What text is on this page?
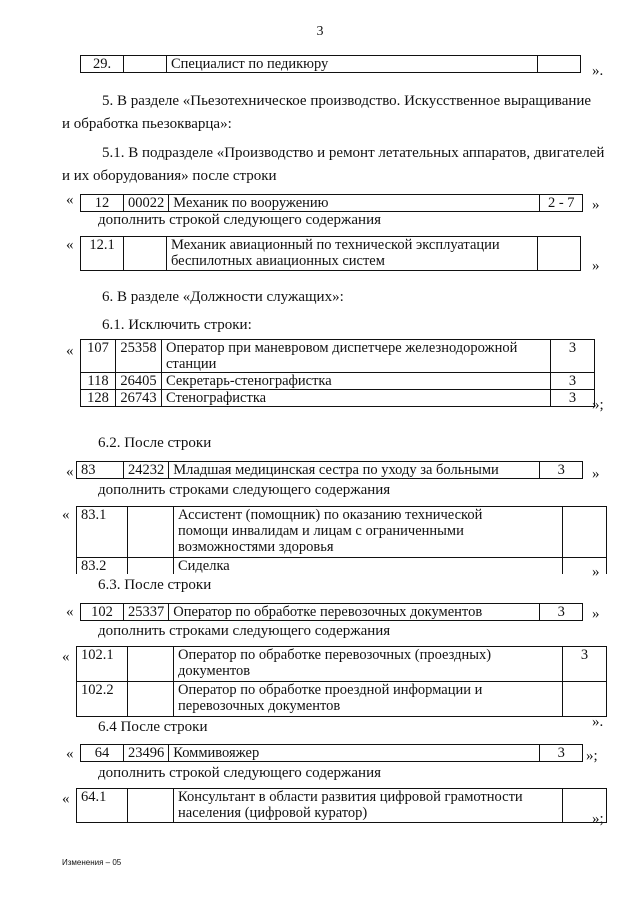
3
29.		Специалист по педикюру		».
5. В разделе «Пьезотехническое производство. Искусственное выращивание
и обработка пьезокварца»:
5.1. В подразделе «Производство и ремонт летательных аппаратов, двигателей
и их оборудования» после строки
« 12	00022	Механик по вооружению	2 - 7 »
дополнить строкой следующего содержания
« 12.1		Механик авиационный по технической эксплуатации
беспилотных авиационных систем		»
6. В разделе «Должности служащих»:
6.1. Исключить строки:
« 107	25358	Оператор при маневровом диспетчере железнодорожной
станции	3
118	26405	Секретарь-стенографистка	3
128	26743	Стенографистка	3 »;
6.2. После строки
« 83	24232	Младшая медицинская сестра по уходу за больными	3 »
дополнить строками следующего содержания
« 83.1		Ассистент (помощник) по оказанию технической
помощи инвалидам и лицам с ограниченными
возможностями здоровья	
83.2		Сиделка		»
6.3. После строки
« 102	25337	Оператор по обработке перевозочных документов	3 »
дополнить строками следующего содержания
« 102.1		Оператор по обработке перевозочных (проездных)
документов	3
102.2		Оператор по обработке проездной информации и
перевозочных документов	
».
6.4 После строки
« 64	23496	Коммивояжер	3 »;
дополнить строкой следующего содержания
« 64.1		Консультант в области развития цифровой грамотности
населения (цифровой куратор)		»;
Изменения – 05
